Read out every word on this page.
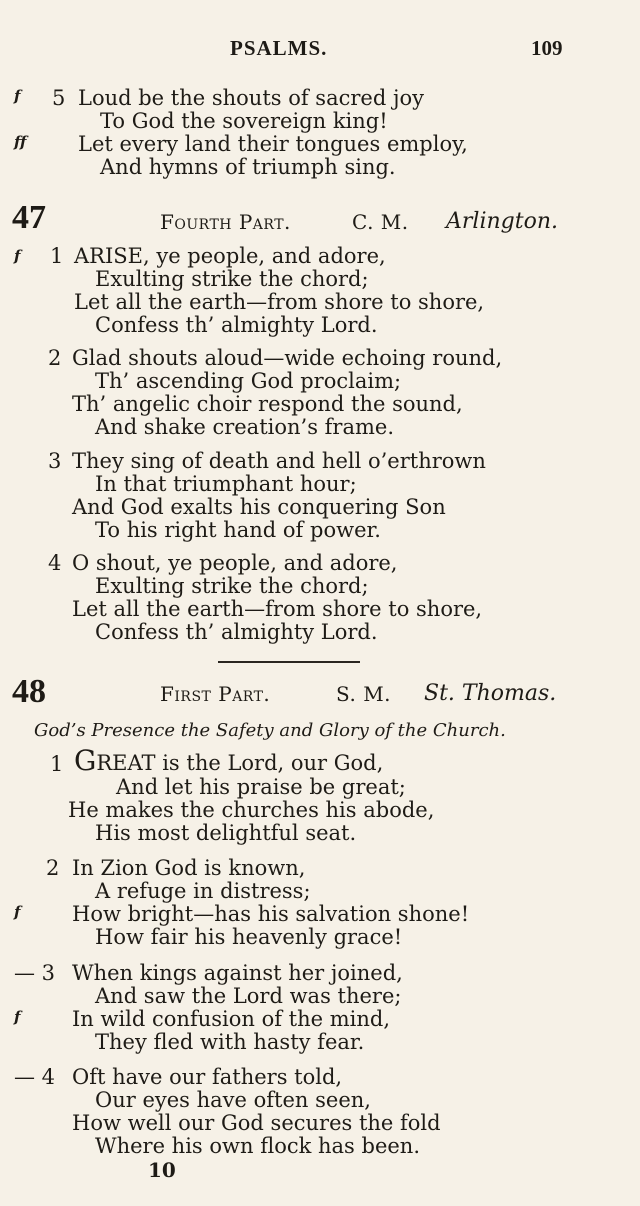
PSALMS.	109
f 5 Loud be the shouts of sacred joy
To God the sovereign king!
ff Let every land their tongues employ,
And hymns of triumph sing.
47	Fourth Part.	C. M. Arlington.
f 1 ARISE, ye people, and adore,
Exulting strike the chord;
Let all the earth—from shore to shore,
Confess th’ almighty Lord.
2 Glad shouts aloud—wide echoing round,
Th’ ascending God proclaim;
Th’ angelic choir respond the sound,
And shake creation’s frame.
3 They sing of death and hell o’erthrown
In that triumphant hour;
And God exalts his conquering Son
To his right hand of power.
4 O shout, ye people, and adore,
Exulting strike the chord;
Let all the earth—from shore to shore,
Confess th’ almighty Lord.
48	First Part.	S. M. St. Thomas.
God’s Presence the Safety and Glory of the Church.
1 GREAT is the Lord, our God,
And let his praise be great;
He makes the churches his abode,
His most delightful seat.
2 In Zion God is known,
A refuge in distress;
f How bright—has his salvation shone!
How fair his heavenly grace!
— 3 When kings against her joined,
And saw the Lord was there;
f In wild confusion of the mind,
They fled with hasty fear.
— 4 Oft have our fathers told,
Our eyes have often seen,
How well our God secures the fold
Where his own flock has been.
10
